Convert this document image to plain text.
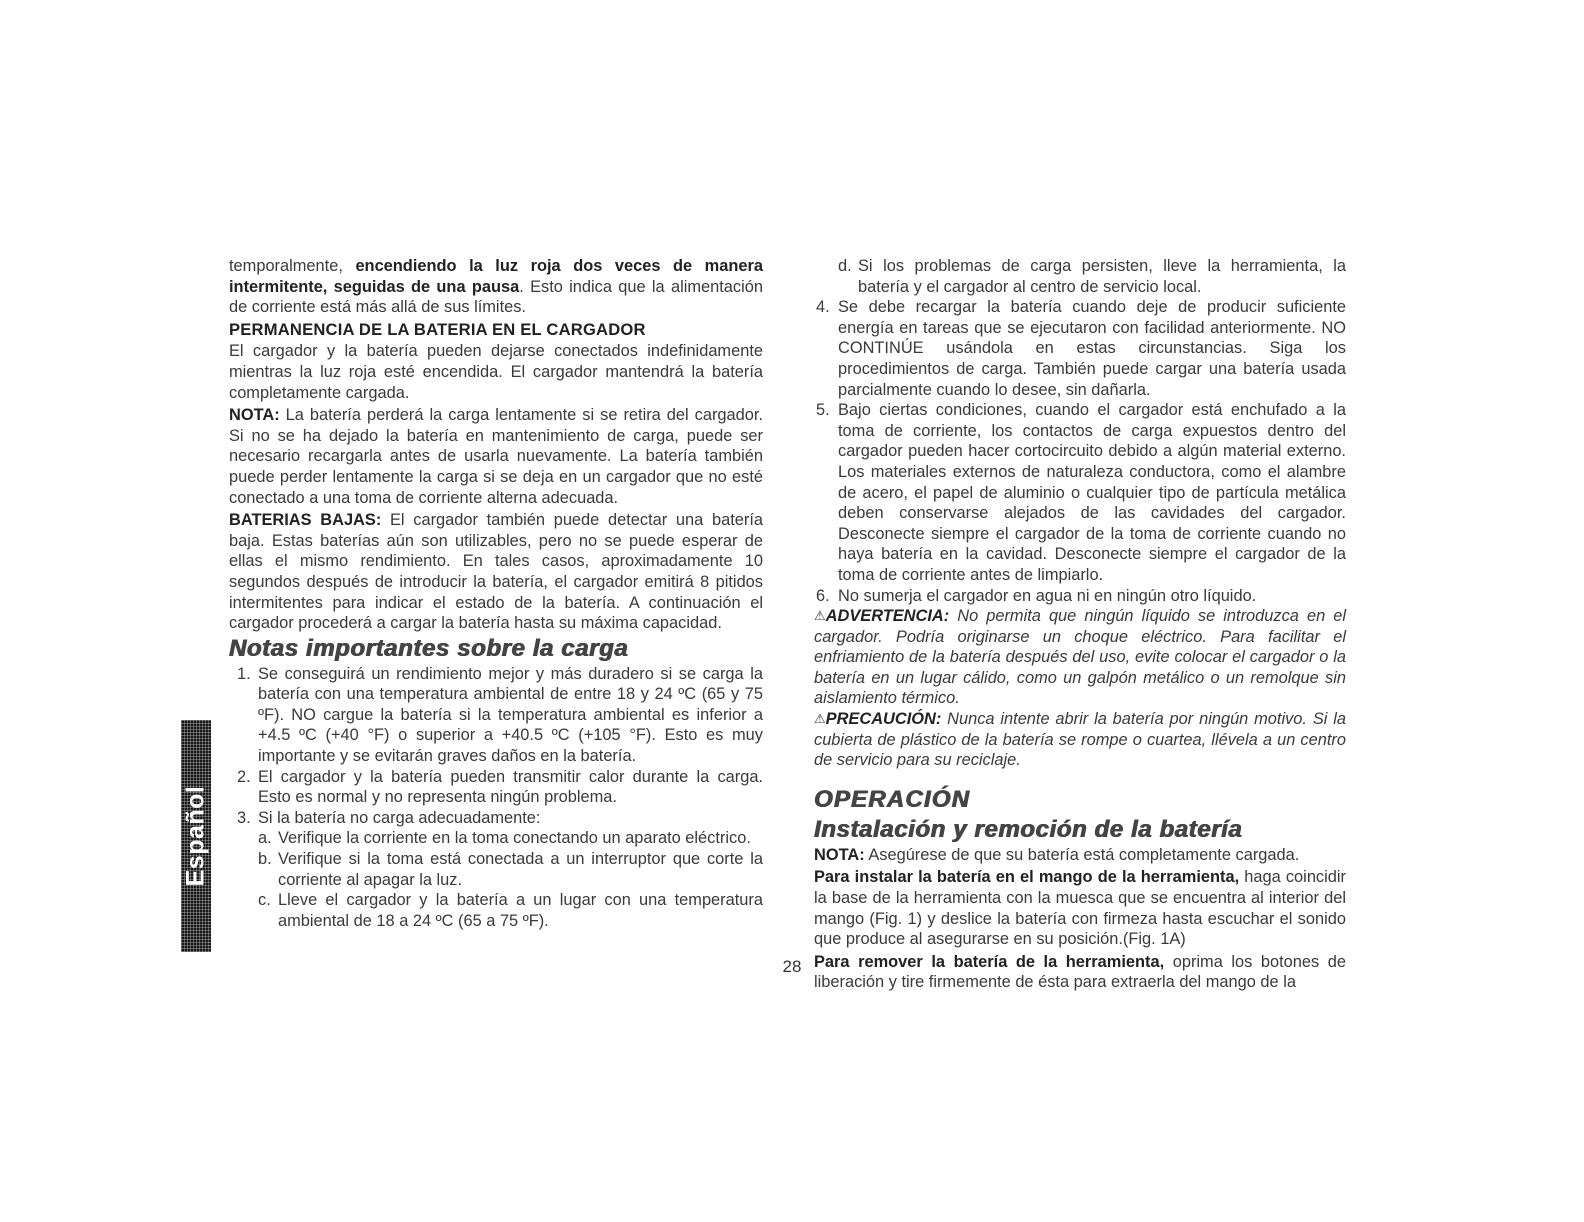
Español

temporalmente, encendiendo la luz roja dos veces de manera intermitente, seguidas de una pausa. Esto indica que la alimentación de corriente está más allá de sus límites.

PERMANENCIA DE LA BATERIA EN EL CARGADOR

El cargador y la batería pueden dejarse conectados indefinidamente mientras la luz roja esté encendida. El cargador mantendrá la batería completamente cargada.

NOTA: La batería perderá la carga lentamente si se retira del cargador. Si no se ha dejado la batería en mantenimiento de carga, puede ser necesario recargarla antes de usarla nuevamente. La batería también puede perder lentamente la carga si se deja en un cargador que no esté conectado a una toma de corriente alterna adecuada.

BATERIAS BAJAS: El cargador también puede detectar una batería baja. Estas baterías aún son utilizables, pero no se puede esperar de ellas el mismo rendimiento. En tales casos, aproximadamente 10 segundos después de introducir la batería, el cargador emitirá 8 pitidos intermitentes para indicar el estado de la batería. A continuación el cargador procederá a cargar la batería hasta su máxima capacidad.

Notas importantes sobre la carga
1. Se conseguirá un rendimiento mejor y más duradero si se carga la batería con una temperatura ambiental de entre 18 y 24 ºC (65 y 75 ºF). NO cargue la batería si la temperatura ambiental es inferior a +4.5 ºC (+40 °F) o superior a +40.5 ºC (+105 °F). Esto es muy importante y se evitarán graves daños en la batería.
2. El cargador y la batería pueden transmitir calor durante la carga. Esto es normal y no representa ningún problema.
3. Si la batería no carga adecuadamente:
a. Verifique la corriente en la toma conectando un aparato eléctrico.
b. Verifique si la toma está conectada a un interruptor que corte la corriente al apagar la luz.
c. Lleve el cargador y la batería a un lugar con una temperatura ambiental de 18 a 24 ºC (65 a 75 ºF).
d. Si los problemas de carga persisten, lleve la herramienta, la batería y el cargador al centro de servicio local.
4. Se debe recargar la batería cuando deje de producir suficiente energía en tareas que se ejecutaron con facilidad anteriormente. NO CONTINÚE usándola en estas circunstancias. Siga los procedimientos de carga. También puede cargar una batería usada parcialmente cuando lo desee, sin dañarla.
5. Bajo ciertas condiciones, cuando el cargador está enchufado a la toma de corriente, los contactos de carga expuestos dentro del cargador pueden hacer cortocircuito debido a algún material externo. Los materiales externos de naturaleza conductora, como el alambre de acero, el papel de aluminio o cualquier tipo de partícula metálica deben conservarse alejados de las cavidades del cargador. Desconecte siempre el cargador de la toma de corriente cuando no haya batería en la cavidad. Desconecte siempre el cargador de la toma de corriente antes de limpiarlo.
6. No sumerja el cargador en agua ni en ningún otro líquido.

⚠ADVERTENCIA: No permita que ningún líquido se introduzca en el cargador. Podría originarse un choque eléctrico. Para facilitar el enfriamiento de la batería después del uso, evite colocar el cargador o la batería en un lugar cálido, como un galpón metálico o un remolque sin aislamiento térmico.

⚠PRECAUCIÓN: Nunca intente abrir la batería por ningún motivo. Si la cubierta de plástico de la batería se rompe o cuartea, llévela a un centro de servicio para su reciclaje.

OPERACIÓN
Instalación y remoción de la batería

NOTA: Asegúrese de que su batería está completamente cargada.

Para instalar la batería en el mango de la herramienta, haga coincidir la base de la herramienta con la muesca que se encuentra al interior del mango (Fig. 1) y deslice la batería con firmeza hasta escuchar el sonido que produce al asegurarse en su posición.(Fig. 1A)

Para remover la batería de la herramienta, oprima los botones de liberación y tire firmemente de ésta para extraerla del mango de la

28
